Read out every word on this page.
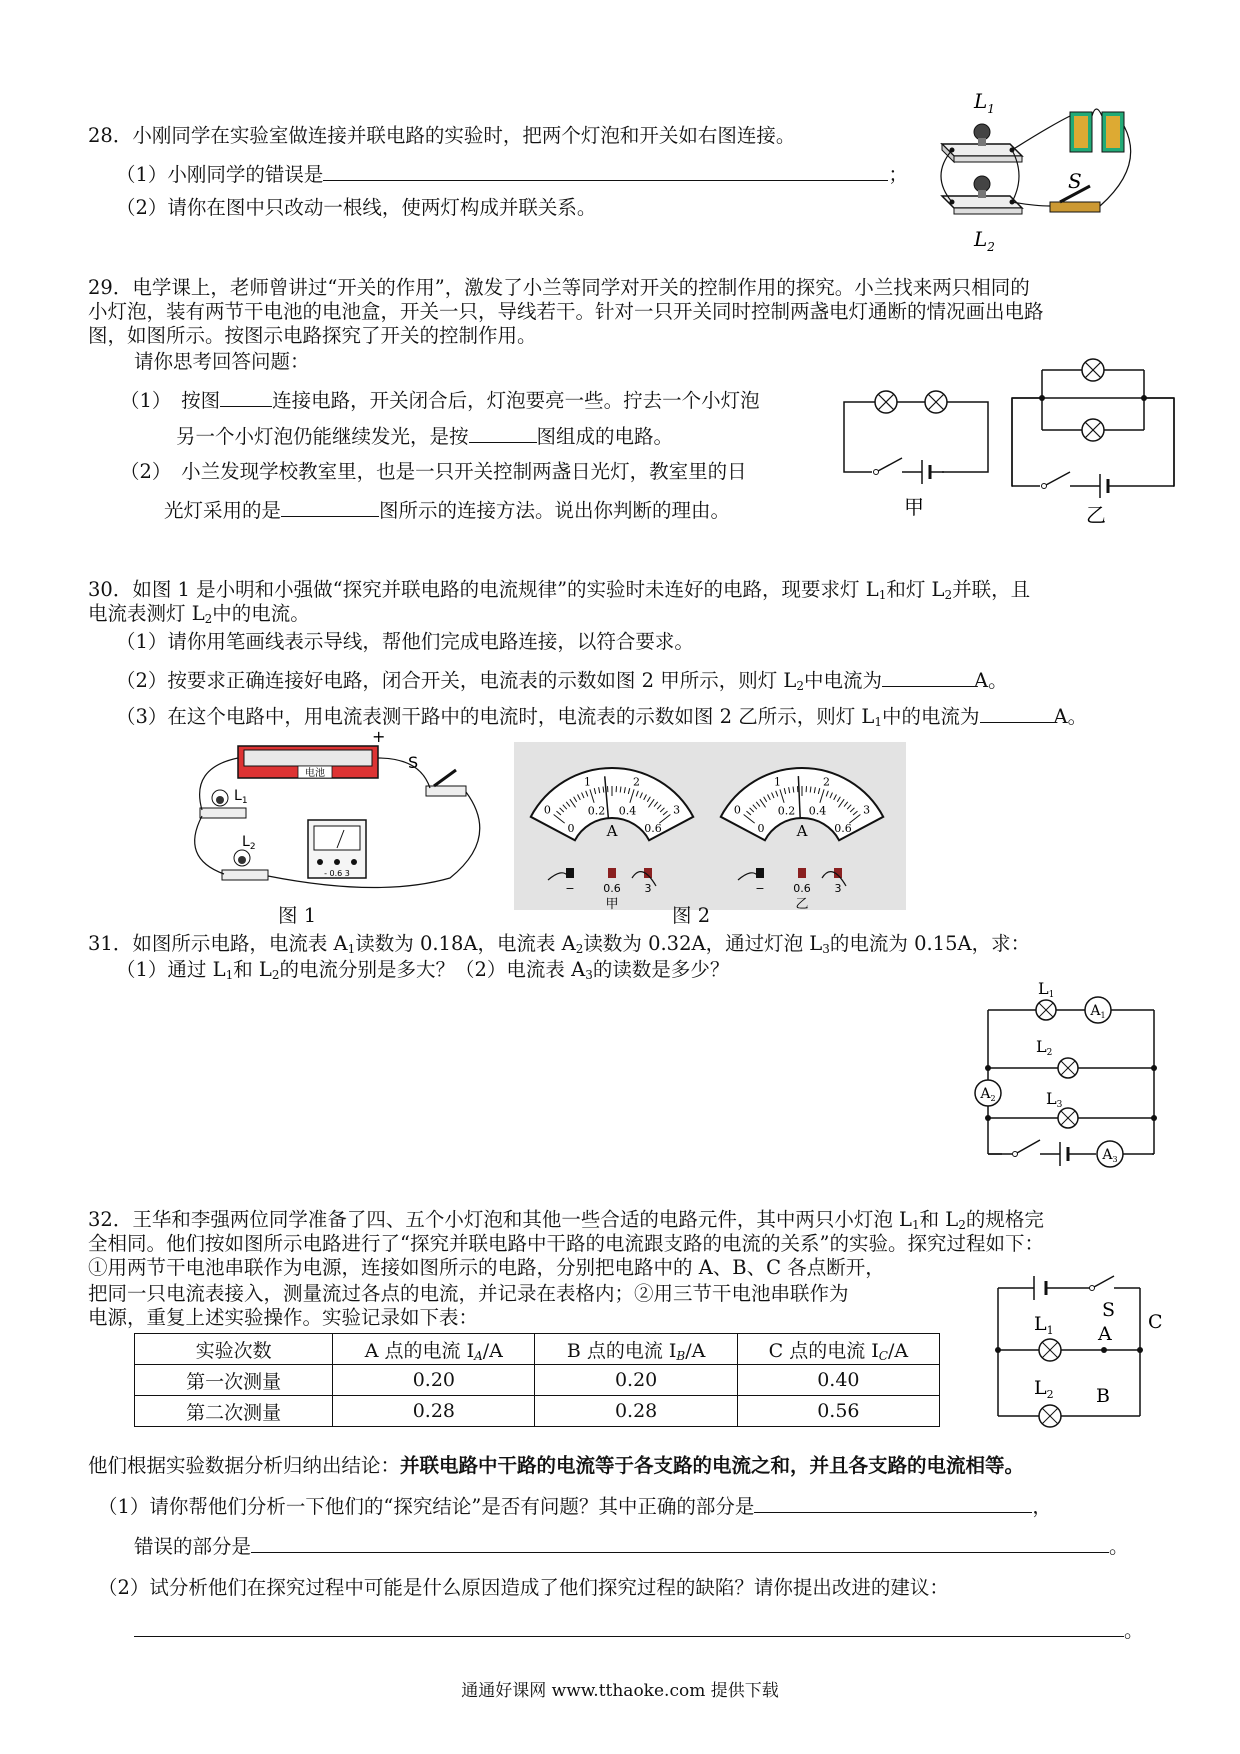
28．小刚同学在实验室做连接并联电路的实验时，把两个灯泡和开关如右图连接。
（1）小刚同学的错误是	；
（2）请你在图中只改动一根线，使两灯构成并联关系。
$L_1$
$L_2$
S
29．电学课上，老师曾讲过“开关的作用”，激发了小兰等同学对开关的控制作用的探究。小兰找来两只相同的
小灯泡，装有两节干电池的电池盒，开关一只，导线若干。针对一只开关同时控制两盏电灯通断的情况画出电路
图，如图所示。按图示电路探究了开关的控制作用。
请你思考回答问题：
（1）　按图	连接电路，开关闭合后，灯泡要亮一些。拧去一个小灯泡
另一个小灯泡仍能继续发光，是按	图组成的电路。
（2）　小兰发现学校教室里，也是一只开关控制两盏日光灯，教室里的日
光灯采用的是	图所示的连接方法。说出你判断的理由。	甲	乙
30．如图 1 是小明和小强做“探究并联电路的电流规律”的实验时未连好的电路，现要求灯 $L_1$和灯 $L_2$并联，且
电流表测灯 $L_2$中的电流。
（1）请你用笔画线表示导线，帮他们完成电路连接，以符合要求。
（2）按要求正确连接好电路，闭合开关，电流表的示数如图 2 甲所示，则灯 $L_2$中电流为	A。
（3）在这个电路中，用电流表测干路中的电流时，电流表的示数如图 2 乙所示，则灯 $L_1$中的电流为	A。
电池
+
S
$L_1$
$L_2$
- 0.6 3
图 1
0
1	2
3
0
0.2 0.4
0.6
A
−	0.6 3
甲
0
1	2
3
0
0.2 0.4
0.6
A
−	0.6 3
乙
图 2
31．如图所示电路，电流表 $A_1$读数为 0.18A，电流表 $A_2$读数为 0.32A，通过灯泡 $L_3$的电流为 0.15A，求：
（1）通过 $L_1$和 $L_2$的电流分别是多大？（2）电流表 $A_3$的读数是多少？
$A_1$
$A_2$
$A_3$
L1
L2
L3
32．王华和李强两位同学准备了四、五个小灯泡和其他一些合适的电路元件，其中两只小灯泡 $L_1$和 $L_2$的规格完
全相同。他们按如图所示电路进行了“探究并联电路中干路的电流跟支路的电流的关系”的实验。探究过程如下：
①用两节干电池串联作为电源，连接如图所示的电路，分别把电路中的 A、B、C 各点断开，
把同一只电流表接入，测量流过各点的电流，并记录在表格内；②用三节干电池串联作为
电源，重复上述实验操作。实验记录如下表：
实验次数	A 点的电流 $I_A/A$	B 点的电流 $I_B/A$	C 点的电流 $I_C/A$
第一次测量	0.20	0.20	0.40
第二次测量	0.28	0.28	0.56
S
A
B
C
$L_1$
$L_2$
他们根据实验数据分析归纳出结论：并联电路中干路的电流等于各支路的电流之和，并且各支路的电流相等。
（1）请你帮他们分析一下他们的“探究结论”是否有问题？其中正确的部分是	，
错误的部分是	。
（2）试分析他们在探究过程中可能是什么原因造成了他们探究过程的缺陷？请你提出改进的建议：
。
通通好课网 www.tthaoke.com 提供下载
